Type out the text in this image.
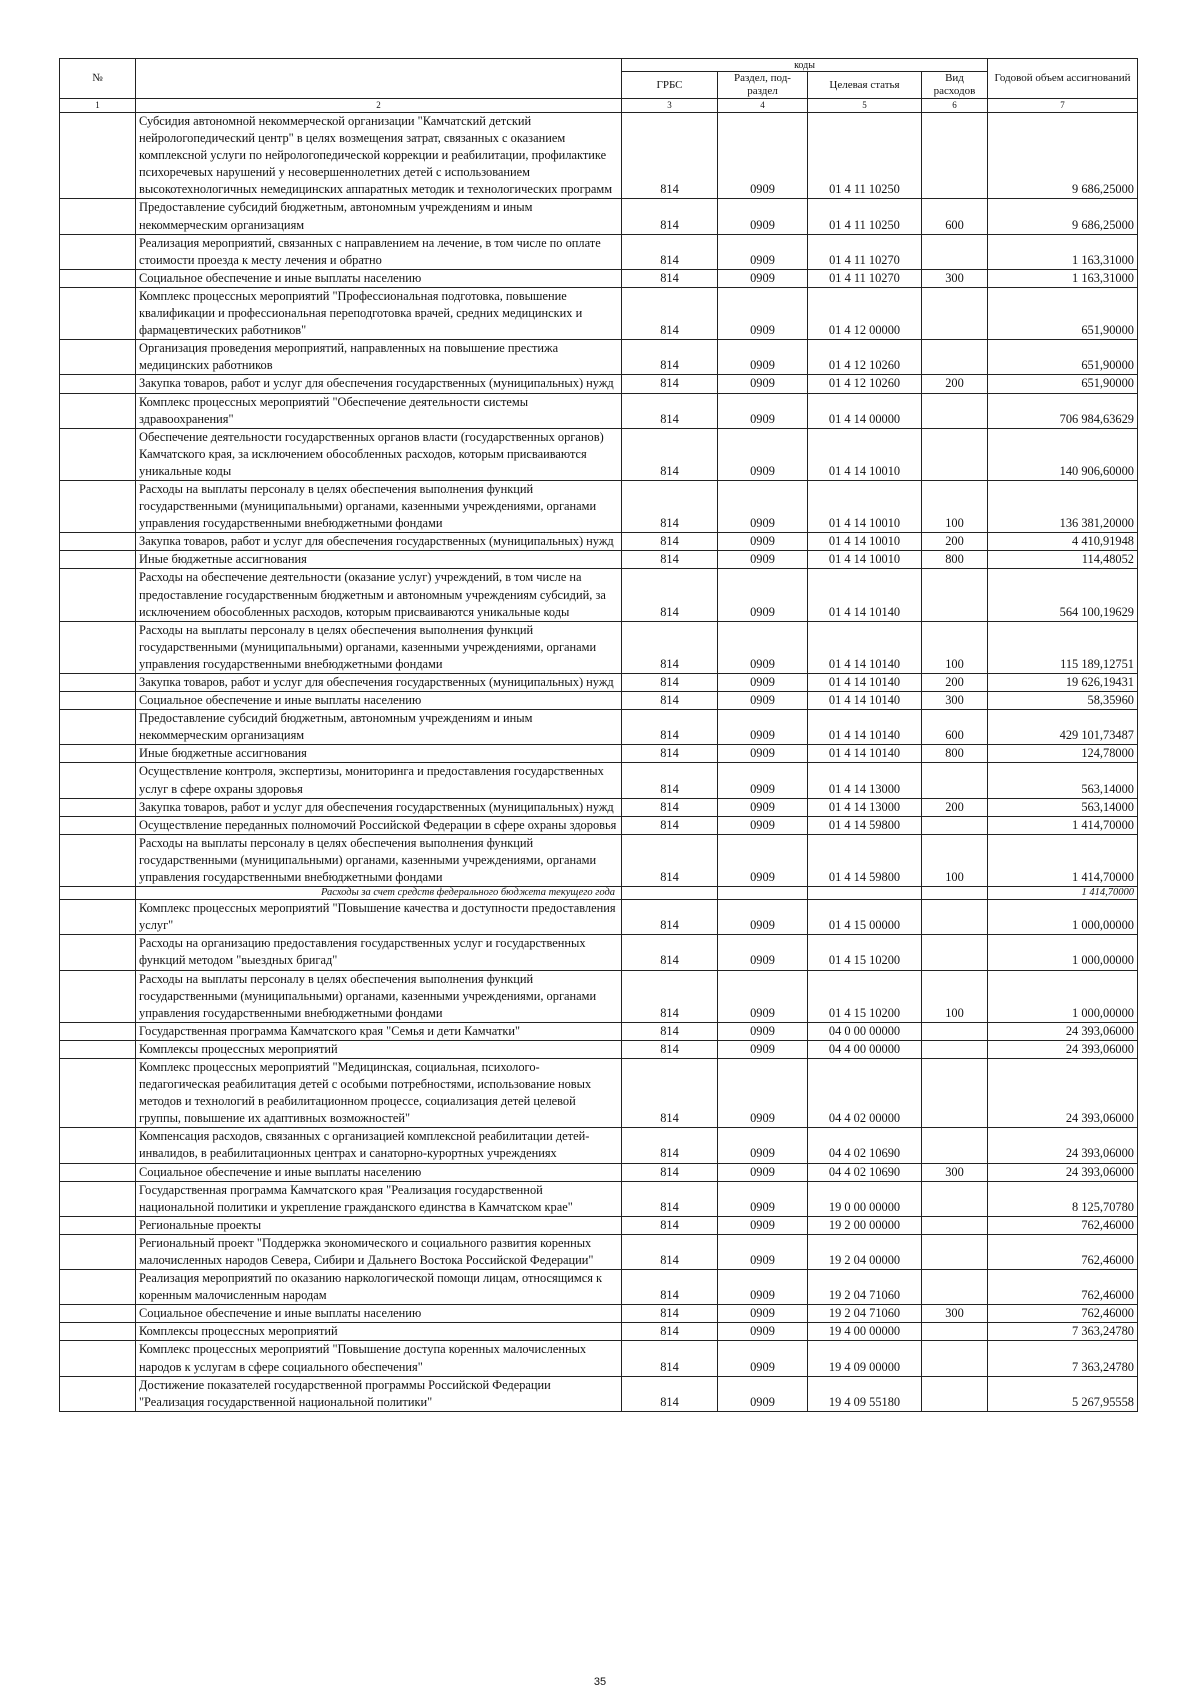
№		коды				Годовой объем ассигнований
		ГРБС	Раздел, под-раздел	Целевая статья	Вид расходов	
1	2	3	4	5	6	7
	Субсидия автономной некоммерческой организации "Камчатский детский нейрологопедический центр" в целях возмещения затрат, связанных с оказанием комплексной услуги по нейрологопедической коррекции и реабилитации, профилактике психоречевых нарушений у несовершеннолетних детей с использованием высокотехнологичных немедицинских аппаратных методик и технологических программ	814	0909	01 4 11 10250		9 686,25000
	Предоставление субсидий бюджетным, автономным учреждениям и иным некоммерческим организациям	814	0909	01 4 11 10250	600	9 686,25000
	Реализация мероприятий, связанных с направлением на лечение, в том числе по оплате стоимости проезда к месту лечения и обратно	814	0909	01 4 11 10270		1 163,31000
	Социальное обеспечение и иные выплаты населению	814	0909	01 4 11 10270	300	1 163,31000
	Комплекс процессных мероприятий "Профессиональная подготовка, повышение квалификации и профессиональная переподготовка врачей, средних медицинских и фармацевтических работников"	814	0909	01 4 12 00000		651,90000
	Организация проведения мероприятий, направленных на повышение престижа медицинских работников	814	0909	01 4 12 10260		651,90000
	Закупка товаров, работ и услуг для обеспечения государственных (муниципальных) нужд	814	0909	01 4 12 10260	200	651,90000
	Комплекс процессных мероприятий "Обеспечение деятельности системы здравоохранения"	814	0909	01 4 14 00000		706 984,63629
	Обеспечение деятельности государственных органов власти (государственных органов) Камчатского края, за исключением обособленных расходов, которым присваиваются уникальные коды	814	0909	01 4 14 10010		140 906,60000
	Расходы на выплаты персоналу в целях обеспечения выполнения функций государственными (муниципальными) органами, казенными учреждениями, органами управления государственными внебюджетными фондами	814	0909	01 4 14 10010	100	136 381,20000
	Закупка товаров, работ и услуг для обеспечения государственных (муниципальных) нужд	814	0909	01 4 14 10010	200	4 410,91948
	Иные бюджетные ассигнования	814	0909	01 4 14 10010	800	114,48052
	Расходы на обеспечение деятельности (оказание услуг) учреждений, в том числе на предоставление государственным бюджетным и автономным учреждениям субсидий, за исключением обособленных расходов, которым присваиваются уникальные коды	814	0909	01 4 14 10140		564 100,19629
	Расходы на выплаты персоналу в целях обеспечения выполнения функций государственными (муниципальными) органами, казенными учреждениями, органами управления государственными внебюджетными фондами	814	0909	01 4 14 10140	100	115 189,12751
	Закупка товаров, работ и услуг для обеспечения государственных (муниципальных) нужд	814	0909	01 4 14 10140	200	19 626,19431
	Социальное обеспечение и иные выплаты населению	814	0909	01 4 14 10140	300	58,35960
	Предоставление субсидий бюджетным, автономным учреждениям и иным некоммерческим организациям	814	0909	01 4 14 10140	600	429 101,73487
	Иные бюджетные ассигнования	814	0909	01 4 14 10140	800	124,78000
	Осуществление контроля, экспертизы, мониторинга и предоставления государственных услуг в сфере охраны здоровья	814	0909	01 4 14 13000		563,14000
	Закупка товаров, работ и услуг для обеспечения государственных (муниципальных) нужд	814	0909	01 4 14 13000	200	563,14000
	Осуществление переданных полномочий Российской Федерации в сфере охраны здоровья	814	0909	01 4 14 59800		1 414,70000
	Расходы на выплаты персоналу в целях обеспечения выполнения функций государственными (муниципальными) органами, казенными учреждениями, органами управления государственными внебюджетными фондами	814	0909	01 4 14 59800	100	1 414,70000
	Расходы за счет средств федерального бюджета текущего года					1 414,70000
	Комплекс процессных мероприятий "Повышение качества и доступности предоставления услуг"	814	0909	01 4 15 00000		1 000,00000
	Расходы на организацию предоставления государственных услуг и государственных функций методом "выездных бригад"	814	0909	01 4 15 10200		1 000,00000
	Расходы на выплаты персоналу в целях обеспечения выполнения функций государственными (муниципальными) органами, казенными учреждениями, органами управления государственными внебюджетными фондами	814	0909	01 4 15 10200	100	1 000,00000
	Государственная программа Камчатского края "Семья и дети Камчатки"	814	0909	04 0 00 00000		24 393,06000
	Комплексы процессных мероприятий	814	0909	04 4 00 00000		24 393,06000
	Комплекс процессных мероприятий "Медицинская, социальная, психолого-педагогическая реабилитация детей с особыми потребностями, использование новых методов и технологий в реабилитационном процессе, социализация детей целевой группы, повышение их адаптивных возможностей"	814	0909	04 4 02 00000		24 393,06000
	Компенсация расходов, связанных с организацией комплексной реабилитации детей-инвалидов, в реабилитационных центрах и санаторно-курортных учреждениях	814	0909	04 4 02 10690		24 393,06000
	Социальное обеспечение и иные выплаты населению	814	0909	04 4 02 10690	300	24 393,06000
	Государственная программа Камчатского края "Реализация государственной национальной политики и укрепление гражданского единства в Камчатском крае"	814	0909	19 0 00 00000		8 125,70780
	Региональные проекты	814	0909	19 2 00 00000		762,46000
	Региональный проект "Поддержка экономического и социального развития коренных малочисленных народов Севера, Сибири и Дальнего Востока Российской Федерации"	814	0909	19 2 04 00000		762,46000
	Реализация мероприятий по оказанию наркологической помощи лицам, относящимся к коренным малочисленным народам	814	0909	19 2 04 71060		762,46000
	Социальное обеспечение и иные выплаты населению	814	0909	19 2 04 71060	300	762,46000
	Комплексы процессных мероприятий	814	0909	19 4 00 00000		7 363,24780
	Комплекс процессных мероприятий "Повышение доступа коренных малочисленных народов к услугам в сфере социального обеспечения"	814	0909	19 4 09 00000		7 363,24780
	Достижение показателей государственной программы Российской Федерации "Реализация государственной национальной политики"	814	0909	19 4 09 55180		5 267,95558
35
